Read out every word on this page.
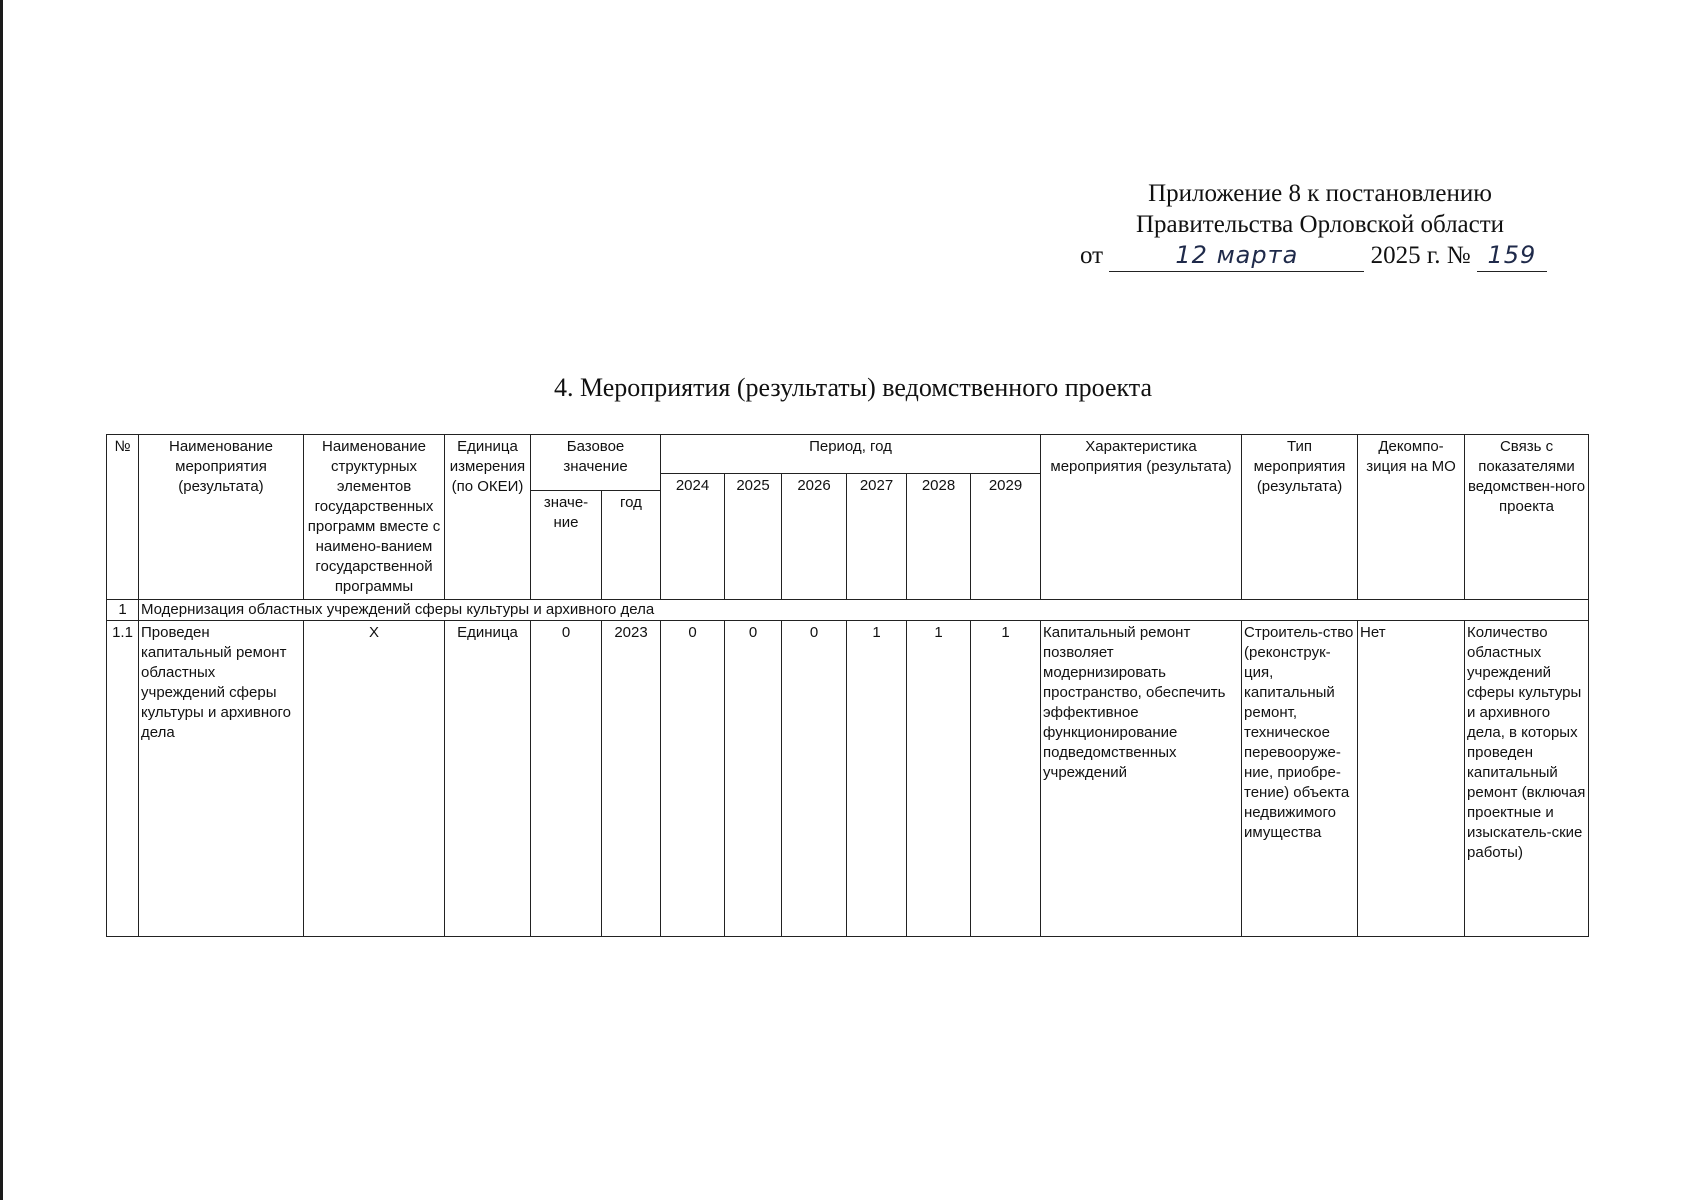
Приложение 8 к постановлению
Правительства Орловской области
от	12 марта	2025 г. № 159
4. Мероприятия (результаты) ведомственного проекта
№	Наименование мероприятия (результата)	Наименование структурных элементов государственных программ вместе с наимено-ванием государственной программы	Единица измерения (по ОКЕИ)	Базовое значение		Период, год						Характеристика мероприятия (результата)	Тип мероприятия (результата)	Декомпо-зиция на МО	Связь с показателями ведомствен-ного проекта
						2024	2025	2026	2027	2028	2029				
				значе-ние	год										
1	Модернизация областных учреждений сферы культуры и архивного дела														
1.1	Проведен капитальный ремонт областных учреждений сферы культуры и архивного дела	X	Единица	0	2023	0	0	0	1	1	1	Капитальный ремонт позволяет модернизировать пространство, обеспечить эффективное функционирование подведомственных учреждений	Строитель-ство (реконструк-ция, капитальный ремонт, техническое перевооруже-ние, приобре-тение) объекта недвижимого имущества	Нет	Количество областных учреждений сферы культуры и архивного дела, в которых проведен капитальный ремонт (включая проектные и изыскатель-ские работы)
